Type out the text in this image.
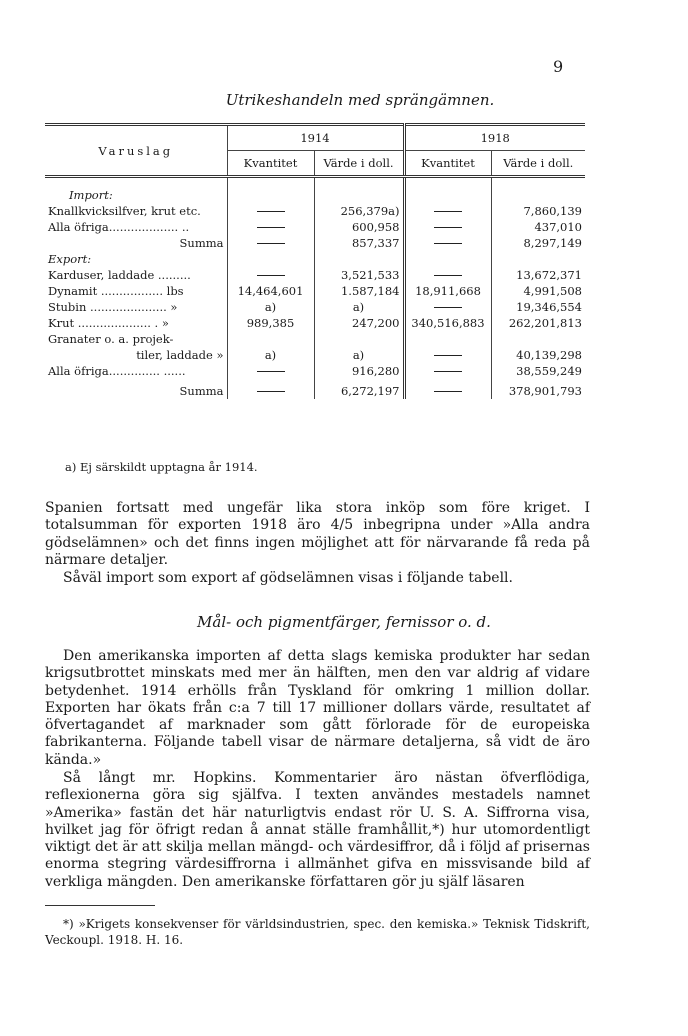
9
Utrikeshandeln med sprängämnen.
Varuslag	1914		1918	
	Kvantitet	Värde i doll.	Kvantitet	Värde i doll.

Import:				
Knallkvicksilfver, krut etc.		256,379a)		7,860,139
Alla öfriga................... ..		600,958		437,010
Summa		857,337		8,297,149
Export:				
Karduser, laddade .........		3,521,533		13,672,371
Dynamit ................. lbs	14,464,601	1.587,184	18,911,668	4,991,508
Stubin ..................... »	a)	a)		19,346,554
Krut .................... . »	989,385	247,200	340,516,883	262,201,813
Granater o. a. projek-				
tiler, laddade »	a)	a)		40,139,298
Alla öfriga.............. ......		916,280		38,559,249

Summa		6,272,197		378,901,793
a) Ej särskildt upptagna år 1914.

Spanien fortsatt med ungefär lika stora inköp som före kriget. I totalsumman för exporten 1918 äro 4/5 inbegripna under »Alla andra gödselämnen» och det finns ingen möjlighet att för närvarande få reda på närmare detaljer.

Såväl import som export af gödselämnen visas i följande tabell.

Mål- och pigmentfärger, fernissor o. d.

Den amerikanska importen af detta slags kemiska produkter har sedan krigsutbrottet minskats med mer än hälften, men den var aldrig af vidare betydenhet. 1914 erhölls från Tyskland för omkring 1 million dollar. Exporten har ökats från c:a 7 till 17 millioner dollars värde, resultatet af öfvertagandet af marknader som gått förlorade för de europeiska fabrikanterna. Följande tabell visar de närmare detaljerna, så vidt de äro kända.»

Så långt mr. Hopkins. Kommentarier äro nästan öfverflödiga, reflexionerna göra sig själfva. I texten användes mestadels namnet »Amerika» fastän det här naturligtvis endast rör U. S. A. Siffrorna visa, hvilket jag för öfrigt redan å annat ställe framhållit,*) hur utomordentligt viktigt det är att skilja mellan mängd- och värdesiffror, då i följd af prisernas enorma stegring värdesiffrorna i allmänhet gifva en missvisande bild af verkliga mängden. Den amerikanske författaren gör ju själf läsaren

*) »Krigets konsekvenser för världsindustrien, spec. den kemiska.» Teknisk Tidskrift, Veckoupl. 1918. H. 16.
